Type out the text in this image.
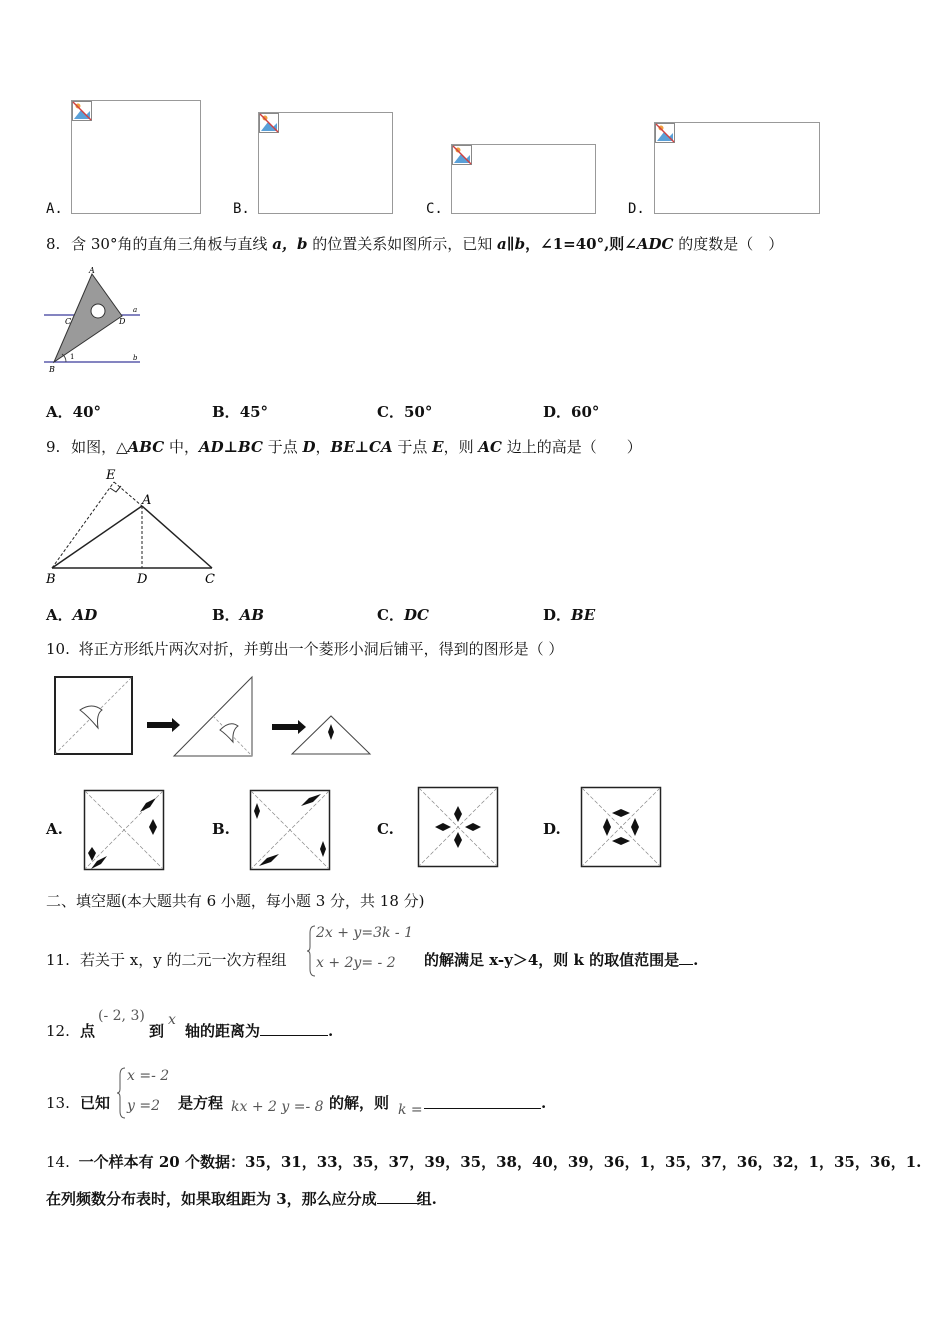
A.	B.	C.	D.
8. 含 30°角的直角三角板与直线 a，b 的位置关系如图所示，已知 a∥b，∠1=40°,则∠ADC 的度数是（　）
A
C	D
a
B
1	b
A．40°	B．45°	C．50°	D．60°
9. 如图，△ABC 中，AD⊥BC 于点 D，BE⊥CA 于点 E，则 AC 边上的高是（　　）
E
A
B	D	C
A．AD	B．AB	C．DC	D．BE
10. 将正方形纸片两次对折，并剪出一个菱形小洞后铺平，得到的图形是（ ）
A.	B.	C.	D.
二、填空题(本大题共有 6 小题，每小题 3 分，共 18 分)
11. 若关于 x，y 的二元一次方程组
2x + y=3k - 1
x + 2y= - 2 的解满足 x-y＞4，则 k 的取值范围是 .
12. 点
(- 2, 3)
到
x
轴的距离为	.
13. 已知
x =- 2
y =2 是方程 kx + 2 y =- 8 的解，则 k =	.
14. 一个样本有 20 个数据：35，31，33，35，37，39，35，38，40，39，36，1，35，37，36，32，1，35，36，1.
在列频数分布表时，如果取组距为 3，那么应分成	组.
